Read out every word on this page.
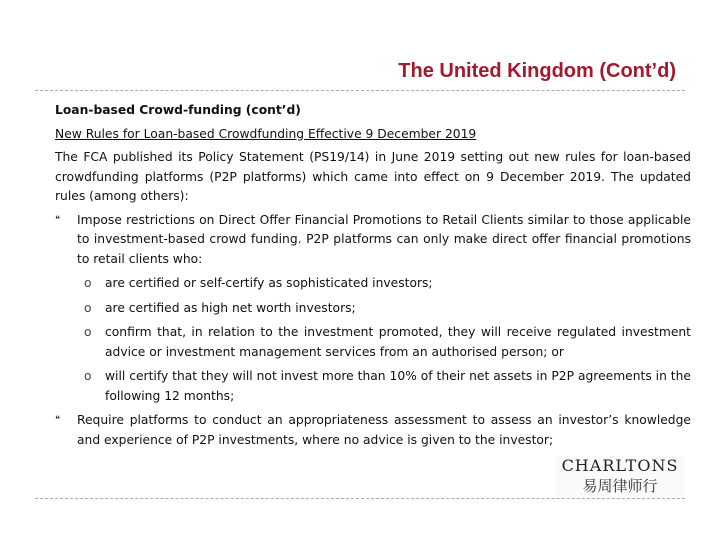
The United Kingdom (Cont’d)

Loan-based Crowd-funding (cont’d)

New Rules for Loan-based Crowdfunding Effective 9 December 2019

The FCA published its Policy Statement (PS19/14) in June 2019 setting out new rules for loan-based crowdfunding platforms (P2P platforms) which came into effect on 9 December 2019. The updated rules (among others):

❝ Impose restrictions on Direct Offer Financial Promotions to Retail Clients similar to those applicable to investment-based crowd funding. P2P platforms can only make direct offer financial promotions to retail clients who:
o are certified or self-certify as sophisticated investors;
o are certified as high net worth investors;
o confirm that, in relation to the investment promoted, they will receive regulated investment advice or investment management services from an authorised person; or
o will certify that they will not invest more than 10% of their net assets in P2P agreements in the following 12 months;
❝ Require platforms to conduct an appropriateness assessment to assess an investor’s knowledge and experience of P2P investments, where no advice is given to the investor;
CHARLTONS
易周律师行
